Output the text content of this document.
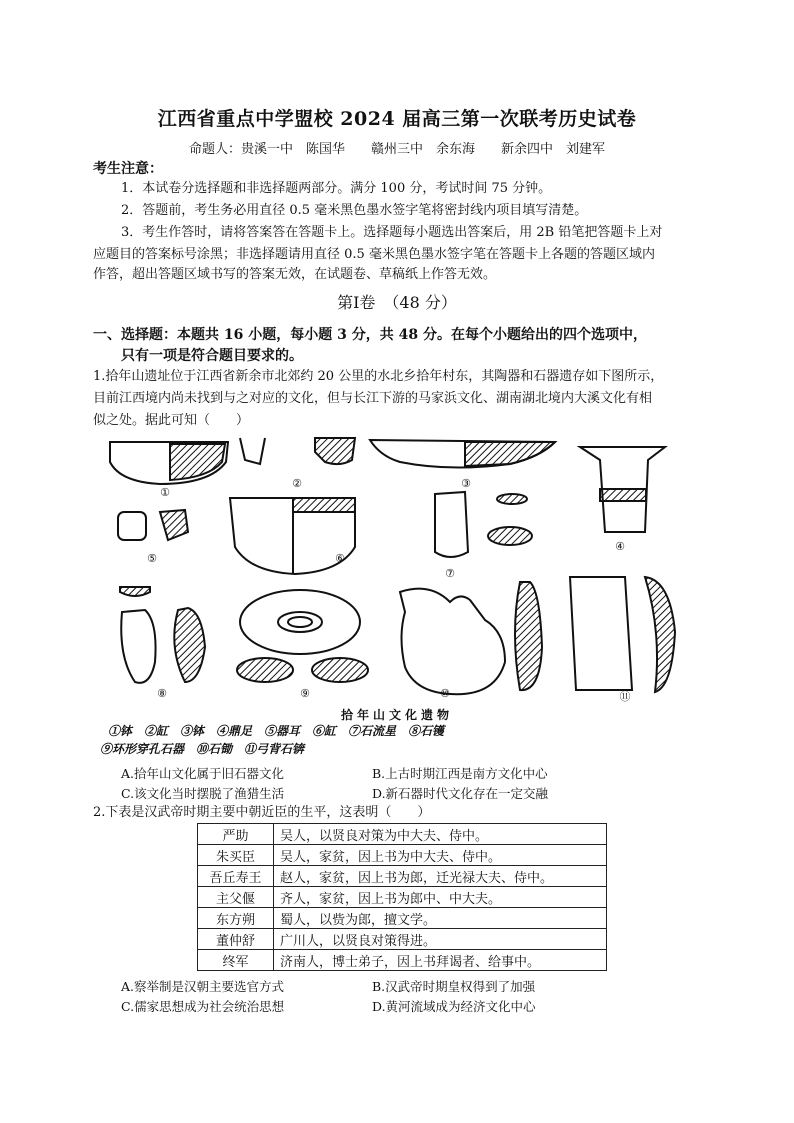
江西省重点中学盟校 2024 届高三第一次联考历史试卷
命题人：贵溪一中　陈国华　　赣州三中　余东海　　新余四中　刘建军
考生注意：
1．本试卷分选择题和非选择题两部分。满分 100 分，考试时间 75 分钟。
2．答题前，考生务必用直径 0.5 毫米黑色墨水签字笔将密封线内项目填写清楚。
3．考生作答时，请将答案答在答题卡上。选择题每小题选出答案后，用 2B 铅笔把答题卡上对
应题目的答案标号涂黑；非选择题请用直径 0.5 毫米黑色墨水签字笔在答题卡上各题的答题区域内
作答，超出答题区域书写的答案无效，在试题卷、草稿纸上作答无效。
第Ⅰ卷　（48 分）
一、选择题：本题共 16 小题，每小题 3 分，共 48 分。在每个小题给出的四个选项中，
只有一项是符合题目要求的。
1.拾年山遗址位于江西省新余市北郊约 20 公里的水北乡拾年村东，其陶器和石器遗存如下图所示，
目前江西境内尚未找到与之对应的文化，但与长江下游的马家浜文化、湖南湖北境内大溪文化有相
似之处。据此可知（　　）
①
②	③
④
⑤	⑥
⑦
⑧	⑨	⑩	⑪
拾年山文化遗物
①钵　②缸　③钵　④鼎足　⑤器耳　⑥缸　⑦石流星　⑧石镬
⑨环形穿孔石器　⑩石锄　⑪弓背石锛
A.拾年山文化属于旧石器文化	B.上古时期江西是南方文化中心
C.该文化当时摆脱了渔猎生活	D.新石器时代文化存在一定交融
2.下表是汉武帝时期主要中朝近臣的生平，这表明（　　）
严助	吴人，以贤良对策为中大夫、侍中。
朱买臣	吴人，家贫，因上书为中大夫、侍中。
吾丘寿王	赵人，家贫，因上书为郎，迁光禄大夫、侍中。
主父偃	齐人，家贫，因上书为郎中、中大夫。
东方朔	蜀人，以赀为郎，擅文学。
董仲舒	广川人，以贤良对策得进。
终军	济南人，博士弟子，因上书拜谒者、给事中。
A.察举制是汉朝主要选官方式	B.汉武帝时期皇权得到了加强
C.儒家思想成为社会统治思想	D.黄河流域成为经济文化中心
